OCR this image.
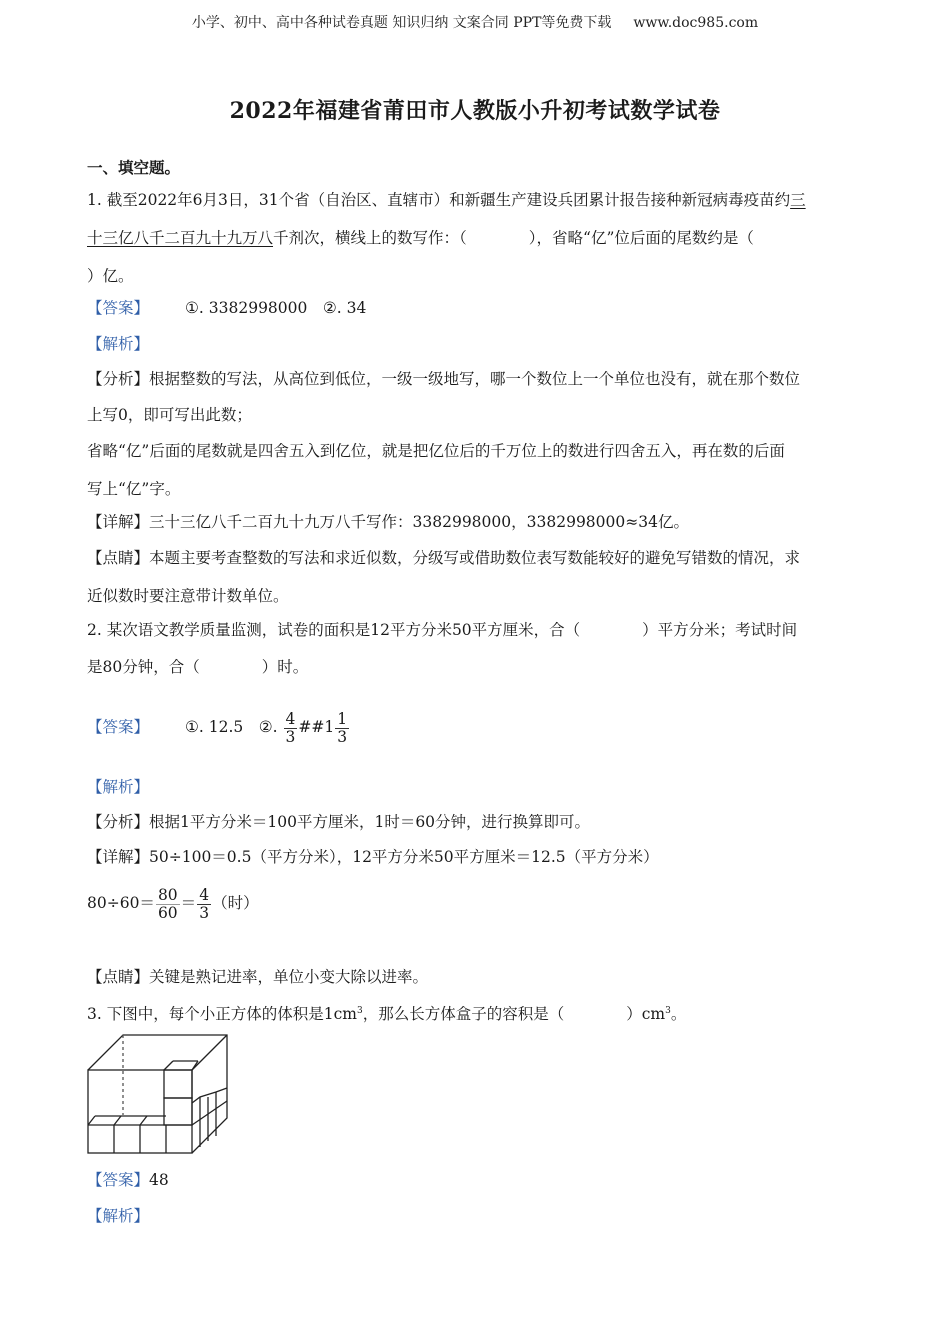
小学、初中、高中各种试卷真题 知识归纳 文案合同 PPT等免费下载 www.doc985.com
2022年福建省莆田市人教版小升初考试数学试卷
一、填空题。
1. 截至2022年6月3日，31个省（自治区、直辖市）和新疆生产建设兵团累计报告接种新冠病毒疫苗约三
十三亿八千二百九十九万八千剂次，横线上的数写作：（　　　　），省略“亿”位后面的尾数约是（
）亿。
【答案】 ①. 3382998000　②. 34
【解析】
【分析】根据整数的写法，从高位到低位，一级一级地写，哪一个数位上一个单位也没有，就在那个数位
上写0，即可写出此数；
省略“亿”后面的尾数就是四舍五入到亿位，就是把亿位后的千万位上的数进行四舍五入，再在数的后面
写上“亿”字。
【详解】三十三亿八千二百九十九万八千写作：3382998000，3382998000≈34亿。
【点睛】本题主要考查整数的写法和求近似数，分级写或借助数位表写数能较好的避免写错数的情况，求
近似数时要注意带计数单位。
2. 某次语文教学质量监测，试卷的面积是12平方分米50平方厘米，合（　　　　）平方分米；考试时间
是80分钟，合（　　　　）时。
【答案】 ①. 12.5　②. $\frac{4}{3}$ ##1 $\frac{1}{3}$
【解析】
【分析】根据1平方分米＝100平方厘米，1时＝60分钟，进行换算即可。
【详解】50÷100＝0.5（平方分米），12平方分米50平方厘米＝12.5（平方分米）
$80\div 60= \frac{80}{60} = \frac{4}{3}$ （时）
【点睛】关键是熟记进率，单位小变大除以进率。
3. 下图中，每个小正方体的体积是$1cm^3$，那么长方体盒子的容积是（　　　　）$cm^3$。
【答案】48
【解析】
